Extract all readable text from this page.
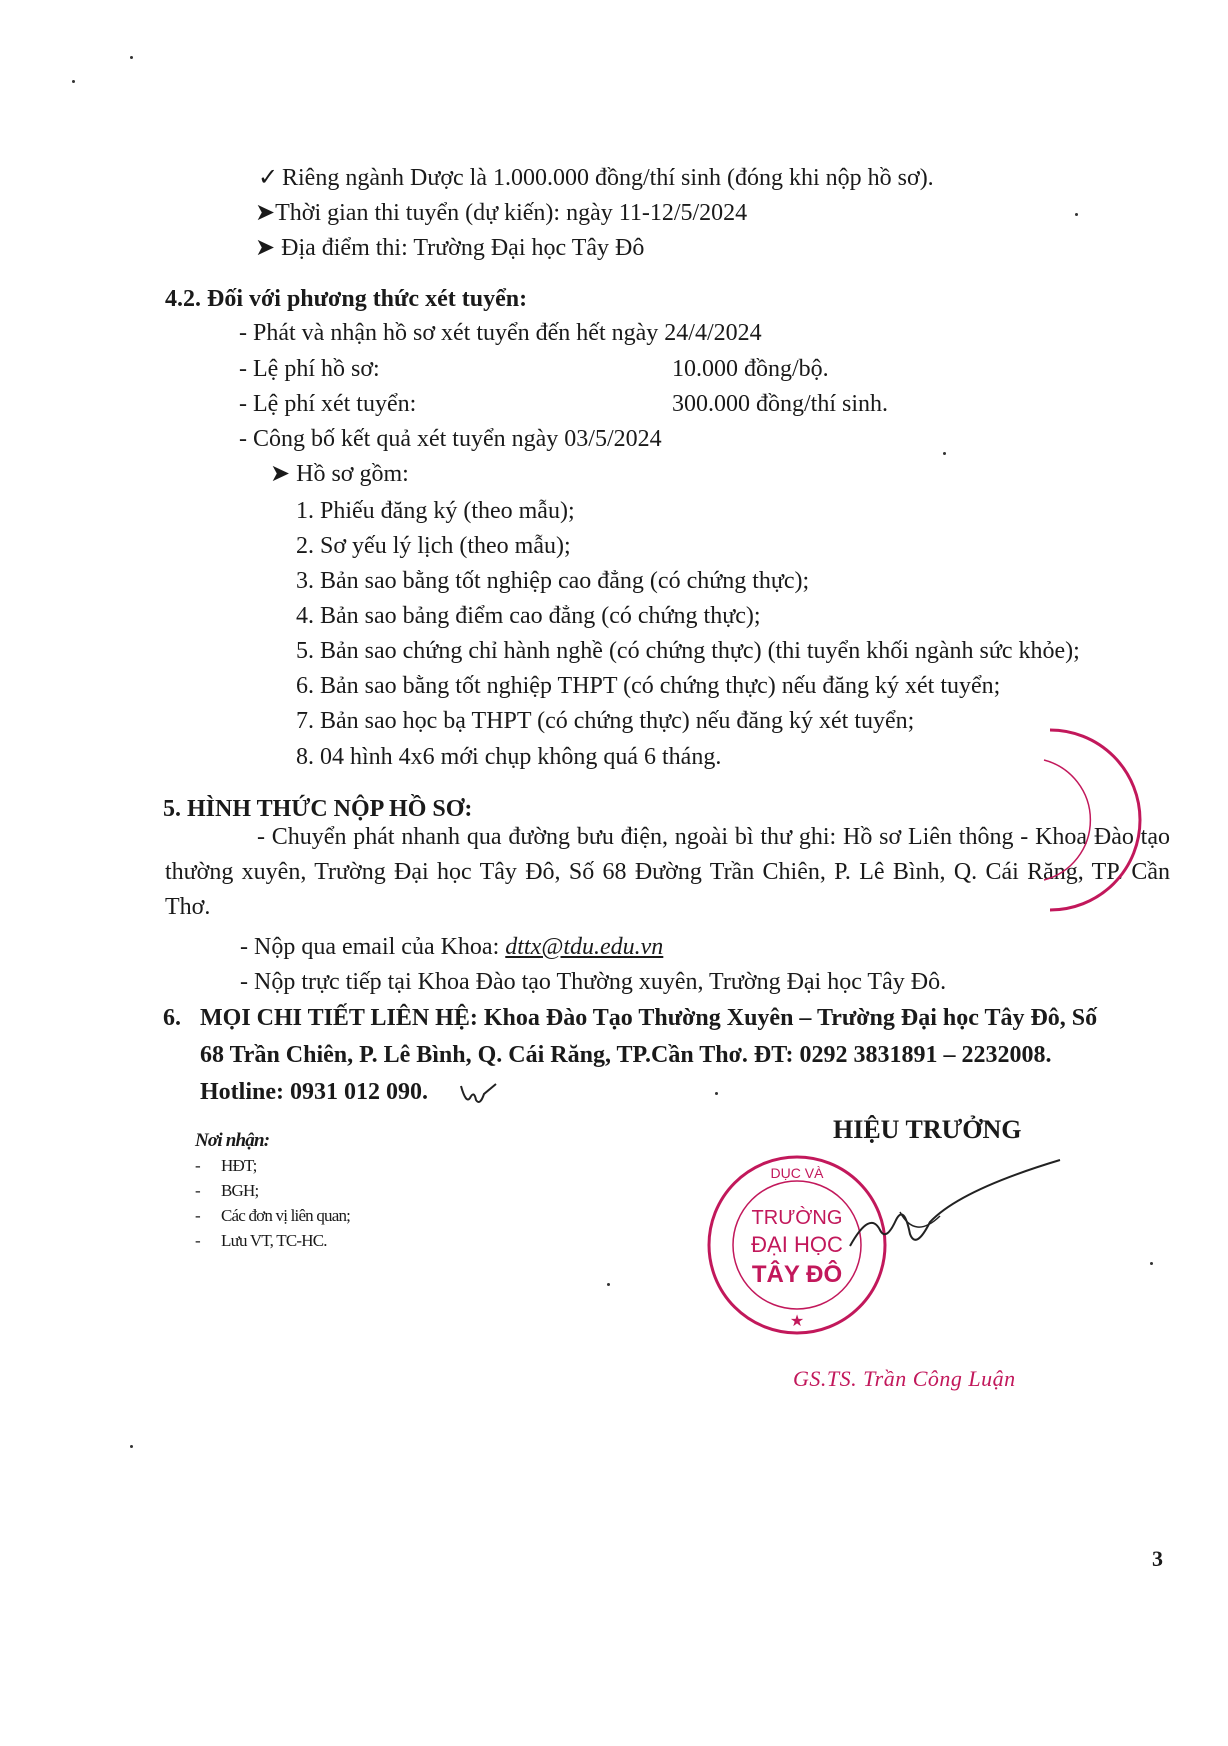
✓ Riêng ngành Dược là 1.000.000 đồng/thí sinh (đóng khi nộp hồ sơ).
➤Thời gian thi tuyển (dự kiến): ngày 11-12/5/2024
➤ Địa điểm thi: Trường Đại học Tây Đô
4.2. Đối với phương thức xét tuyển:
- Phát và nhận hồ sơ xét tuyển đến hết ngày 24/4/2024
- Lệ phí hồ sơ:	10.000 đồng/bộ.
- Lệ phí xét tuyển:	300.000 đồng/thí sinh.
- Công bố kết quả xét tuyển ngày 03/5/2024
➤ Hồ sơ gồm:
1. Phiếu đăng ký (theo mẫu);
2. Sơ yếu lý lịch (theo mẫu);
3. Bản sao bằng tốt nghiệp cao đẳng (có chứng thực);
4. Bản sao bảng điểm cao đẳng (có chứng thực);
5. Bản sao chứng chỉ hành nghề (có chứng thực) (thi tuyển khối ngành sức khỏe);
6. Bản sao bằng tốt nghiệp THPT (có chứng thực) nếu đăng ký xét tuyển;
7. Bản sao học bạ THPT (có chứng thực) nếu đăng ký xét tuyển;
8. 04 hình 4x6 mới chụp không quá 6 tháng.
5. HÌNH THỨC NỘP HỒ SƠ:
- Chuyển phát nhanh qua đường bưu điện, ngoài bì thư ghi: Hồ sơ Liên thông - Khoa Đào tạo thường xuyên, Trường Đại học Tây Đô, Số 68 Đường Trần Chiên, P. Lê Bình, Q. Cái Răng, TP. Cần Thơ.
- Nộp qua email của Khoa: dttx@tdu.edu.vn
- Nộp trực tiếp tại Khoa Đào tạo Thường xuyên, Trường Đại học Tây Đô.
6. MỌI CHI TIẾT LIÊN HỆ: Khoa Đào Tạo Thường Xuyên – Trường Đại học Tây Đô, Số
68 Trần Chiên, P. Lê Bình, Q. Cái Răng, TP.Cần Thơ. ĐT: 0292 3831891 – 2232008.
Hotline: 0931 012 090.
Nơi nhận:
- HĐT;
- BGH;
- Các đơn vị liên quan;
- Lưu VT, TC-HC.
HIỆU TRƯỞNG
DỤC VÀ
TRƯỜNG
ĐẠI HỌC
TÂY ĐÔ
★
GS.TS. Trần Công Luận
3
